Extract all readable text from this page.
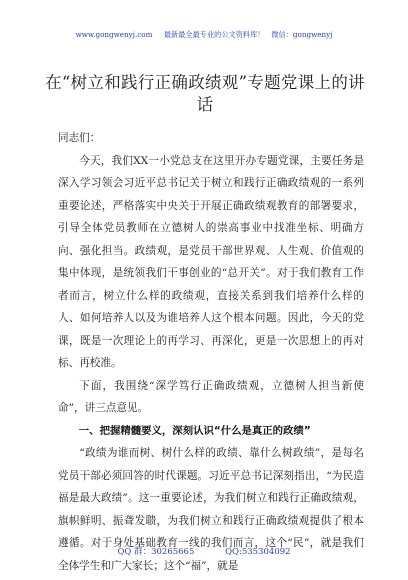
www.gongwenyj.com 最新最全最专业的公文资料库！ 微信：gongwenyj
在“树立和践行正确政绩观”专题党课上的讲话

同志们：

今天，我们XX一小党总支在这里开办专题党课，主要任务是深入学习领会习近平总书记关于树立和践行正确政绩观的一系列重要论述，严格落实中央关于开展正确政绩观教育的部署要求，引导全体党员教师在立德树人的崇高事业中找准坐标、明确方向、强化担当。政绩观，是党员干部世界观、人生观、价值观的集中体现，是统领我们干事创业的“总开关”。对于我们教育工作者而言，树立什么样的政绩观，直接关系到我们培养什么样的人、如何培养人以及为谁培养人这个根本问题。因此，今天的党课，既是一次理论上的再学习、再深化，更是一次思想上的再对标、再校准。

下面，我围绕“深学笃行正确政绩观，立德树人担当新使命”，讲三点意见。

一、把握精髓要义，深刻认识“什么是真正的政绩”

“政绩为谁而树、树什么样的政绩、靠什么树政绩”，是每名党员干部必须回答的时代课题。习近平总书记深刻指出，“为民造福是最大政绩”。这一重要论述，为我们树立和践行正确政绩观，旗帜鲜明、振聋发聩，为我们树立和践行正确政绩观提供了根本遵循。对于身处基础教育一线的我们而言，这个“民”，就是我们全体学生和广大家长；这个“福”，就是

QQ 群：30265665	QQ:535304092
